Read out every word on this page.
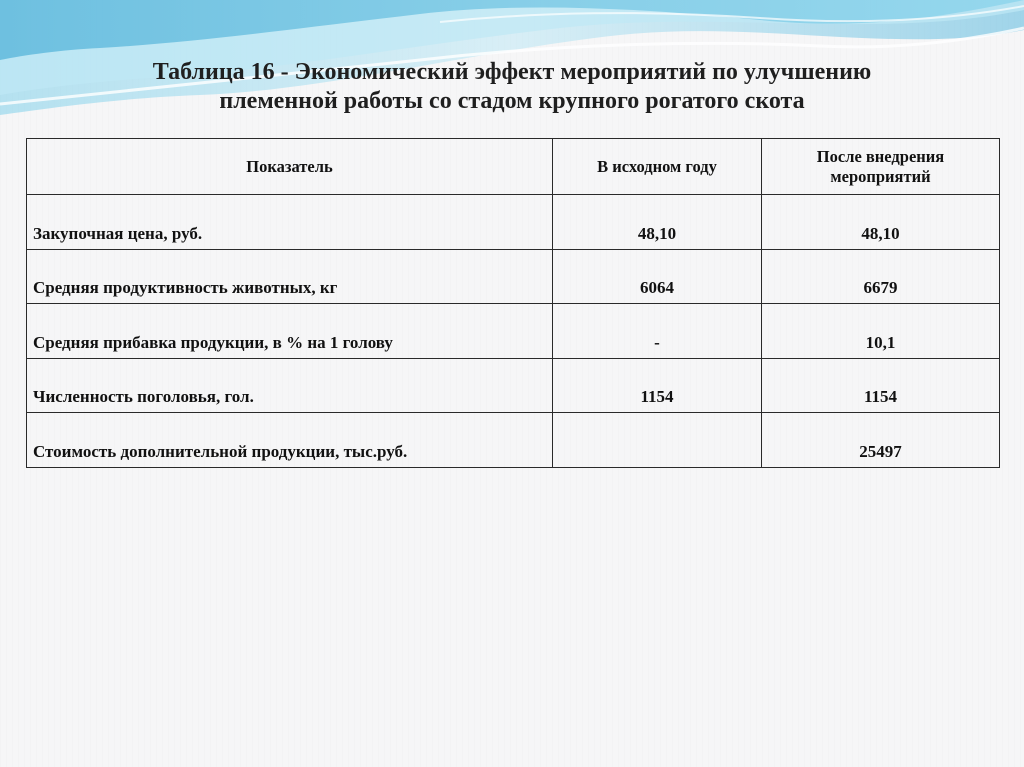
Таблица 16 - Экономический эффект мероприятий по улучшению
племенной работы со стадом крупного рогатого скота
Показатель	В исходном году	После внедрения мероприятий
Закупочная цена, руб.	48,10	48,10
Средняя продуктивность животных, кг	6064	6679
Средняя прибавка продукции, в % на 1 голову	-	10,1
Численность поголовья, гол.	1154	1154
Стоимость дополнительной продукции, тыс.руб.		25497
